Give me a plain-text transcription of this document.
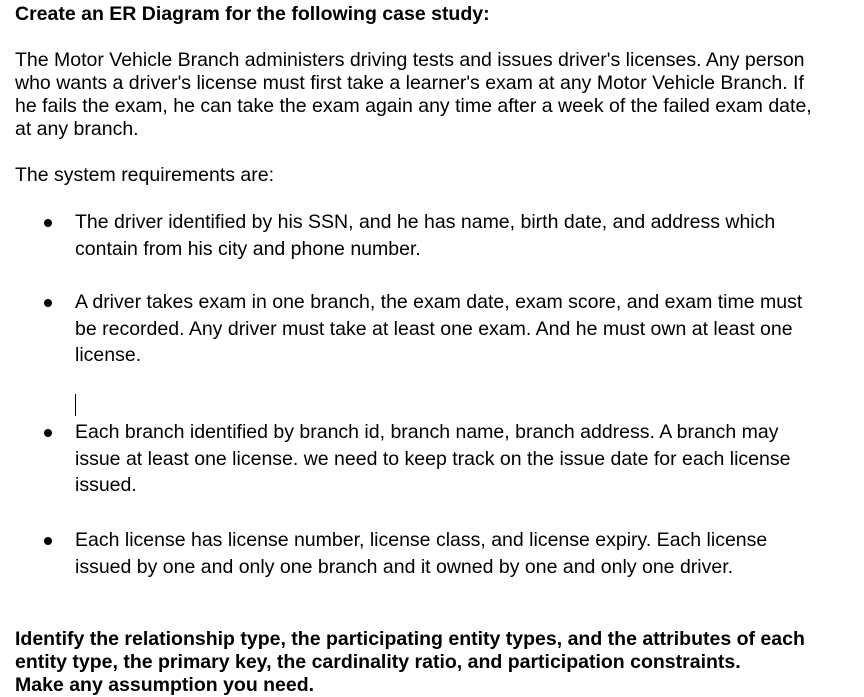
Create an ER Diagram for the following case study:

The Motor Vehicle Branch administers driving tests and issues driver's licenses. Any person who wants a driver's license must first take a learner's exam at any Motor Vehicle Branch. If he fails the exam, he can take the exam again any time after a week of the failed exam date, at any branch.

The system requirements are:
The driver identified by his SSN, and he has name, birth date, and address which contain from his city and phone number.
A driver takes exam in one branch, the exam date, exam score, and exam time must be recorded. Any driver must take at least one exam. And he must own at least one license.
Each branch identified by branch id, branch name, branch address. A branch may issue at least one license. we need to keep track on the issue date for each license issued.
Each license has license number, license class, and license expiry. Each license issued by one and only one branch and it owned by one and only one driver.
Identify the relationship type, the participating entity types, and the attributes of each
entity type, the primary key, the cardinality ratio, and participation constraints.
Make any assumption you need.
